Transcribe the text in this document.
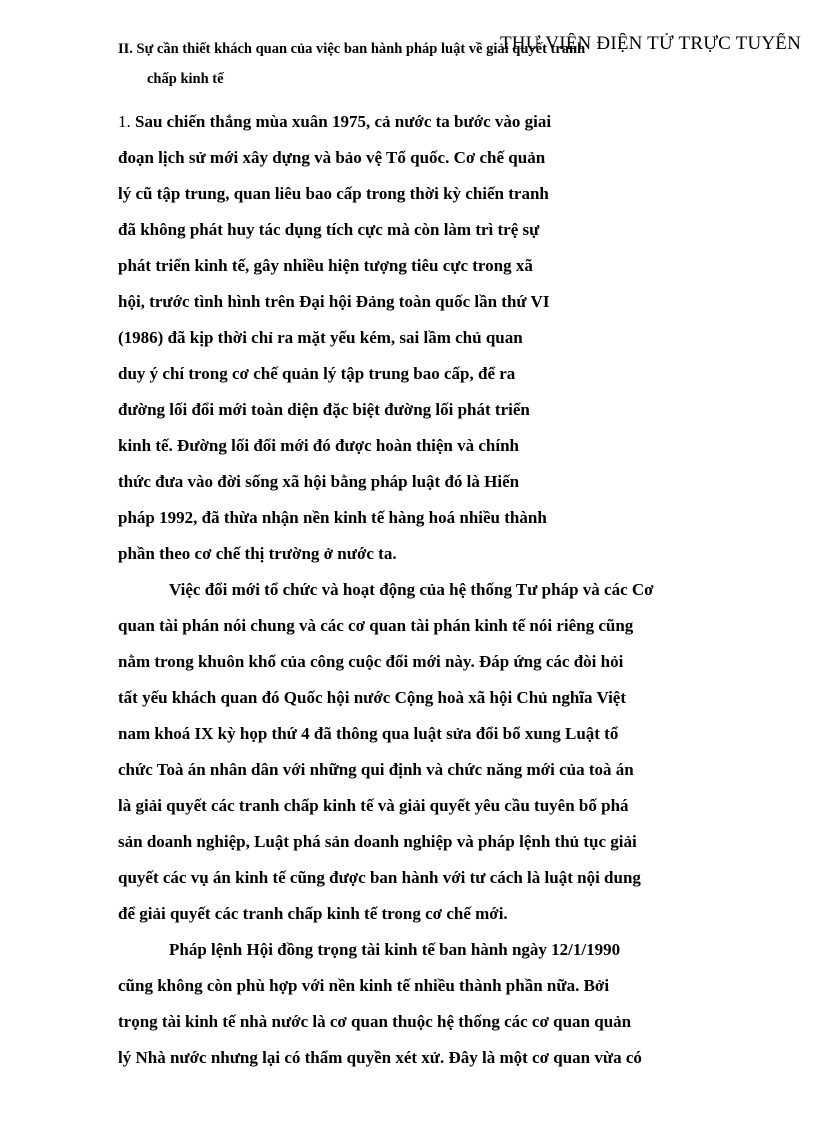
THƯ VIỆN ĐIỆN TỬ TRỰC TUYẾN
II. Sự cần thiết khách quan của việc ban hành pháp luật về giải quyết tranh
chấp kinh tế
1. Sau chiến thắng mùa xuân 1975, cả nước ta bước vào giai
đoạn lịch sử mới xây dựng và bảo vệ Tổ quốc. Cơ chế quản
lý cũ tập trung, quan liêu bao cấp trong thời kỳ chiến tranh
đã không phát huy tác dụng tích cực mà còn làm trì trệ sự
phát triển kinh tế, gây nhiều hiện tượng tiêu cực trong xã
hội, trước tình hình trên Đại hội Đảng toàn quốc lần thứ VI
(1986) đã kịp thời chỉ ra mặt yếu kém, sai lầm chủ quan
duy ý chí trong cơ chế quản lý tập trung bao cấp, để ra
đường lối đổi mới toàn diện đặc biệt đường lối phát triển
kinh tế. Đường lối đổi mới đó được hoàn thiện và chính
thức đưa vào đời sống xã hội bằng pháp luật đó là Hiến
pháp 1992, đã thừa nhận nền kinh tế hàng hoá nhiều thành
phần theo cơ chế thị trường ở nước ta.
Việc đổi mới tổ chức và hoạt động của hệ thống Tư pháp và các Cơ
quan tài phán nói chung và các cơ quan tài phán kinh tế nói riêng cũng
nằm trong khuôn khổ của công cuộc đổi mới này. Đáp ứng các đòi hỏi
tất yếu khách quan đó Quốc hội nước Cộng hoà xã hội Chủ nghĩa Việt
nam khoá IX kỳ họp thứ 4 đã thông qua luật sửa đổi bổ xung Luật tổ
chức Toà án nhân dân với những qui định và chức năng mới của toà án
là giải quyết các tranh chấp kinh tế và giải quyết yêu cầu tuyên bố phá
sản doanh nghiệp, Luật phá sản doanh nghiệp và pháp lệnh thủ tục giải
quyết các vụ án kinh tế cũng được ban hành với tư cách là luật nội dung
để giải quyết các tranh chấp kinh tế trong cơ chế mới.
Pháp lệnh Hội đồng trọng tài kinh tế ban hành ngày 12/1/1990
cũng không còn phù hợp với nền kinh tế nhiều thành phần nữa. Bởi
trọng tài kinh tế nhà nước là cơ quan thuộc hệ thống các cơ quan quản
lý Nhà nước nhưng lại có thẩm quyền xét xử. Đây là một cơ quan vừa có
